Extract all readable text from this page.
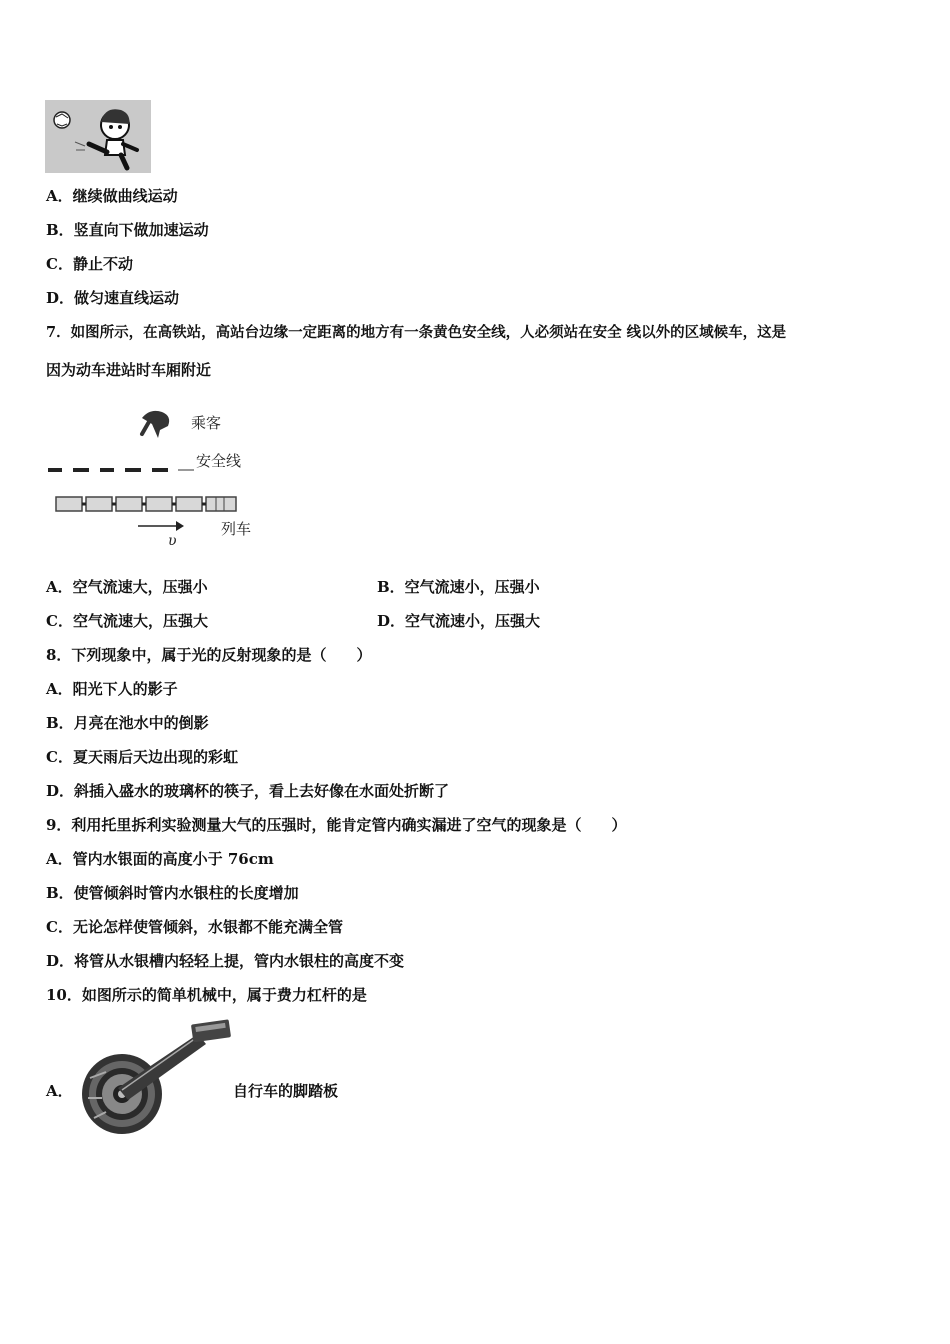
A．继续做曲线运动
B．竖直向下做加速运动
C．静止不动
D．做匀速直线运动
7．如图所示，在高铁站，高站台边缘一定距离的地方有一条黄色安全线，人必须站在安全 线以外的区域候车，这是
因为动车进站时车厢附近
乘客
安全线
列车
υ
A．空气流速大，压强小	B．空气流速小，压强小
C．空气流速大，压强大	D．空气流速小，压强大
8．下列现象中，属于光的反射现象的是（　　）
A．阳光下人的影子
B．月亮在池水中的倒影
C．夏天雨后天边出现的彩虹
D．斜插入盛水的玻璃杯的筷子，看上去好像在水面处折断了
9．利用托里拆利实验测量大气的压强时，能肯定管内确实漏进了空气的现象是（　　）
A．管内水银面的高度小于 76cm
B．使管倾斜时管内水银柱的长度增加
C．无论怎样使管倾斜，水银都不能充满全管
D．将管从水银槽内轻轻上提，管内水银柱的高度不变
10．如图所示的简单机械中，属于费力杠杆的是
A．	自行车的脚踏板
